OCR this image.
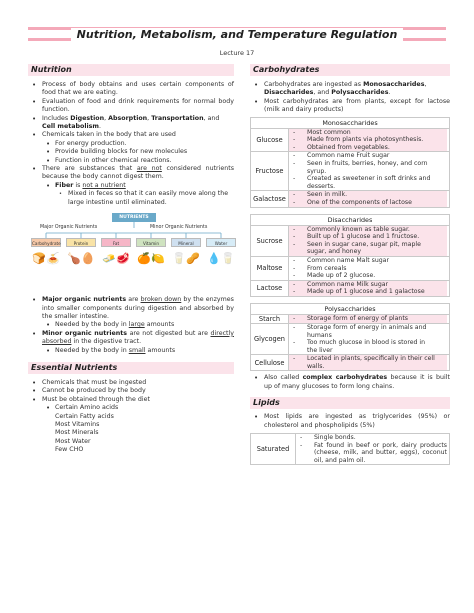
Nutrition, Metabolism, and Temperature Regulation
Lecture 17
Nutrition
• Process of body obtains and uses certain components of food that we are eating.
• Evaluation of food and drink requirements for normal body function.
• Includes Digestion, Absorption, Transportation, and Cell metabolism.
• Chemicals taken in the body that are used
• For energy production.
• Provide building blocks for new molecules
• Function in other chemical reactions.
• There are substances that are not considered nutrients because the body cannot digest them.
• Fiber is not a nutrient
• Mixed in feces so that it can easily move along the large intestine until eliminated.
NUTRIENTS
Major Organic Nutrients	Minor Organic Nutrients
Carbohydrate	Protein	Fat	Vitamin	Mineral	Water
🍞🍝 🍗🥚 🧈🥩 🍊🍋 🥛🥜 💧🥛
• Major organic nutrients are broken down by the enzymes into smaller components during digestion and absorbed by the smaller intestine.
• Needed by the body in large amounts
• Minor organic nutrients are not digested but are directly absorbed in the digestive tract.
• Needed by the body in small amounts
Essential Nutrients
• Chemicals that must be ingested
• Cannot be produced by the body
• Must be obtained through the diet
• Certain Amino acids
Certain Fatty acids
Most Vitamins
Most Minerals
Most Water
Few CHO
Carbohydrates
• Carbohydrates are ingested as Monosaccharides, Disaccharides, and Polysaccharides.
• Most carbohydrates are from plants, except for lactose (milk and dairy products)
Monosaccharides	
Glucose	- Most common
- Made from plants via photosynthesis.
- Obtained from vegetables.

Fructose	- Common name Fruit sugar
- Seen in fruits, berries, honey, and corn
syrup.
- Created as sweetener in soft drinks and
desserts.

Galactose	- Seen in milk.
- One of the components of lactose
Disaccharides	
Sucrose	- Commonly known as table sugar.
- Built up of 1 glucose and 1 fructose.
- Seen in sugar cane, sugar pit, maple
sugar, and honey

Maltose	- Common name Malt sugar
- From cereals
- Made up of 2 glucose.

Lactose	- Common name Milk sugar
- Made up of 1 glucose and 1 galactose
Polysaccharides	
Starch	- Storage form of energy of plants

Glycogen	- Storage form of energy in animals and
humans
- Too much glucose in blood is stored in
the liver

Cellulose	- Located in plants, specifically in their cell
walls.
• Also called complex carbohydrates because it is built up of many glucoses to form long chains.
Lipids
• Most lipids are ingested as triglycerides (95%) or cholesterol and phospholipids (5%)
Saturated	
- Single bonds.
- Fat found in beef or pork, dairy products (cheese, milk, and butter, eggs), coconut oil, and palm oil.
